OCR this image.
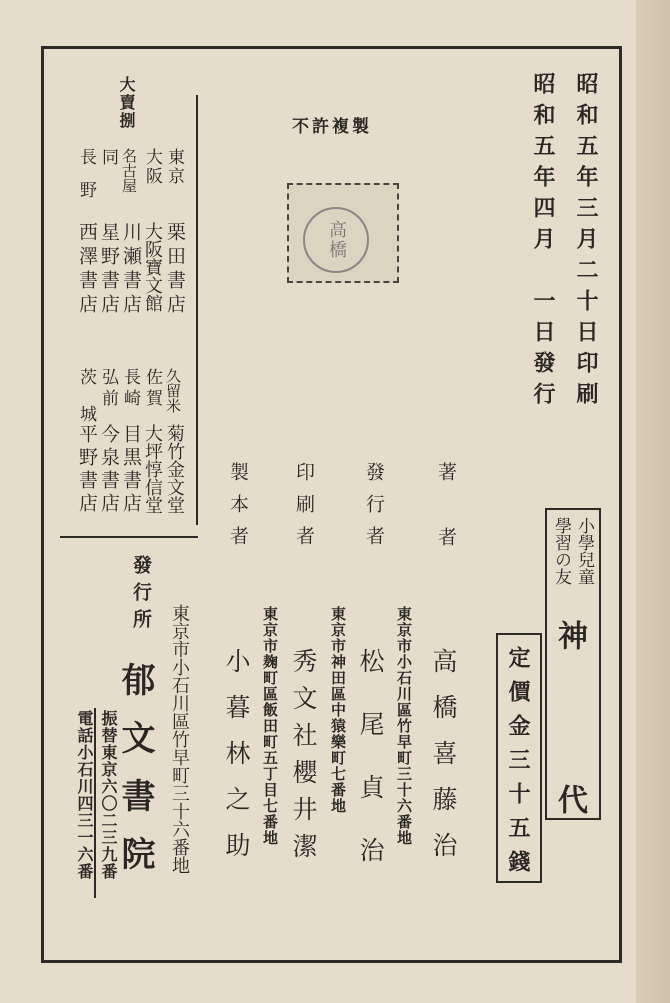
昭和五年三月二十日印刷
昭和五年四月　一日發行
不許複製
高橋
小學兒童
學習の友
神　代
定價金三十五錢
著者
發行者
印刷者
製本者
高橋喜藤治
東京市小石川區竹早町三十六番地
松尾貞治
東京市神田區中猿樂町七番地
秀文社櫻井潔
東京市麹町區飯田町五丁目七番地
小暮林之助
大賣捌
東京
大阪
名古屋
同
長野
栗田書店
大阪寶文館
川瀬書店
星野書店
西澤書店
久留米
佐賀
長崎
弘前
茨城
菊竹金文堂
大坪惇信堂
目黒書店
今泉書店
平野書店
發行所
東京市小石川區竹早町三十六番地
郁文書院
振替東京六〇二三九番
電話小石川四三一六番
